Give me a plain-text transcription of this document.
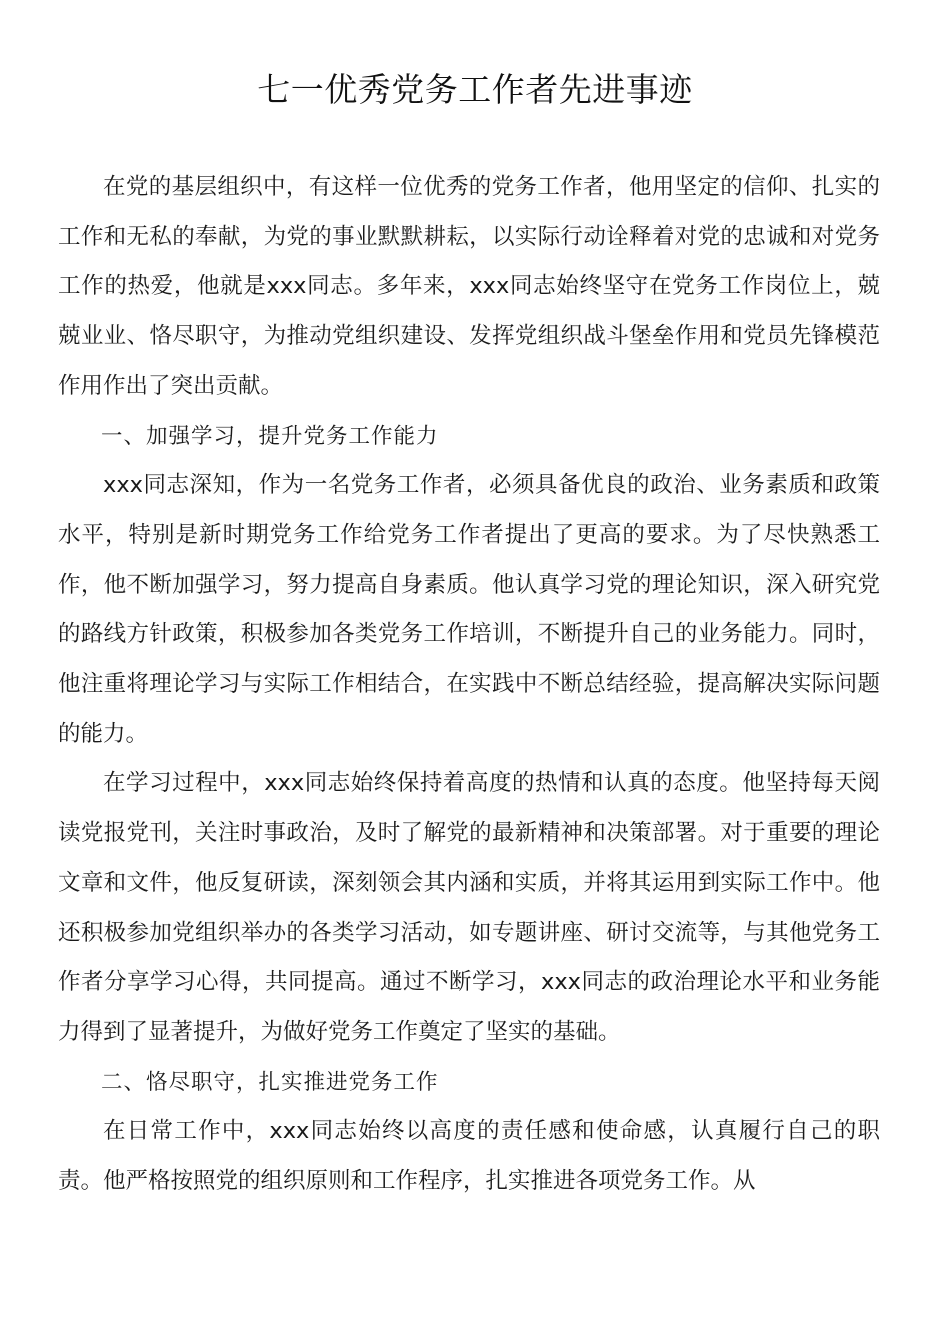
七一优秀党务工作者先进事迹

在党的基层组织中，有这样一位优秀的党务工作者，他用坚定的信仰、扎实的工作和无私的奉献，为党的事业默默耕耘，以实际行动诠释着对党的忠诚和对党务工作的热爱，他就是xxx同志。多年来，xxx同志始终坚守在党务工作岗位上，兢兢业业、恪尽职守，为推动党组织建设、发挥党组织战斗堡垒作用和党员先锋模范作用作出了突出贡献。

一、加强学习，提升党务工作能力

xxx同志深知，作为一名党务工作者，必须具备优良的政治、业务素质和政策水平，特别是新时期党务工作给党务工作者提出了更高的要求。为了尽快熟悉工作，他不断加强学习，努力提高自身素质。他认真学习党的理论知识，深入研究党的路线方针政策，积极参加各类党务工作培训，不断提升自己的业务能力。同时，他注重将理论学习与实际工作相结合，在实践中不断总结经验，提高解决实际问题的能力。

在学习过程中，xxx同志始终保持着高度的热情和认真的态度。他坚持每天阅读党报党刊，关注时事政治，及时了解党的最新精神和决策部署。对于重要的理论文章和文件，他反复研读，深刻领会其内涵和实质，并将其运用到实际工作中。他还积极参加党组织举办的各类学习活动，如专题讲座、研讨交流等，与其他党务工作者分享学习心得，共同提高。通过不断学习，xxx同志的政治理论水平和业务能力得到了显著提升，为做好党务工作奠定了坚实的基础。

二、恪尽职守，扎实推进党务工作

在日常工作中，xxx同志始终以高度的责任感和使命感，认真履行自己的职责。他严格按照党的组织原则和工作程序，扎实推进各项党务工作。从
